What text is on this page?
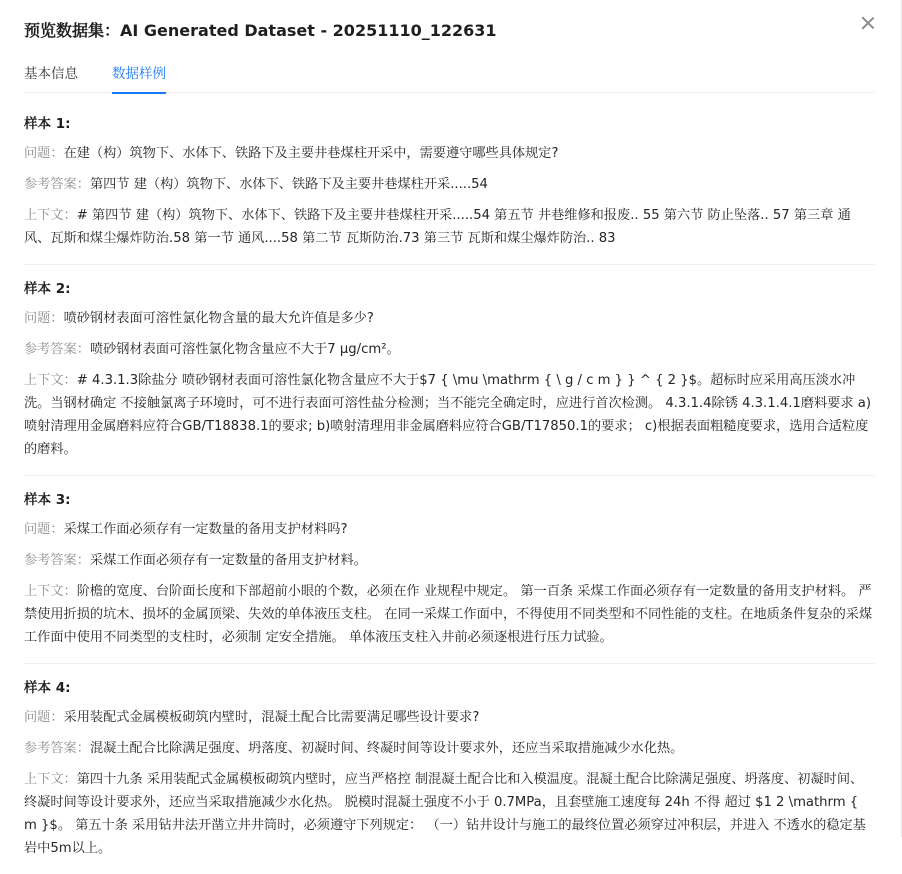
预览数据集：AI Generated Dataset - 20251110_122631
基本信息	数据样例
样本 1:
问题：在建（构）筑物下、水体下、铁路下及主要井巷煤柱开采中，需要遵守哪些具体规定?
参考答案：第四节 建（构）筑物下、水体下、铁路下及主要井巷煤柱开采.....54
上下文：# 第四节 建（构）筑物下、水体下、铁路下及主要井巷煤柱开采.....54 第五节 井巷维修和报废.. 55 第六节 防止坠落.. 57 第三章 通风、瓦斯和煤尘爆炸防治.58 第一节 通风....58 第二节 瓦斯防治.73 第三节 瓦斯和煤尘爆炸防治.. 83
样本 2:
问题：喷砂钢材表面可溶性氯化物含量的最大允许值是多少?
参考答案：喷砂钢材表面可溶性氯化物含量应不大于7 μg/cm²。
上下文：# 4.3.1.3除盐分 喷砂钢材表面可溶性氯化物含量应不大于$7 { \mu \mathrm { \ g / c m } } ^ { 2 }$。超标时应采用高压淡水冲洗。当钢材确定 不接触氯离子环境时，可不进行表面可溶性盐分检测；当不能完全确定时，应进行首次检测。 4.3.1.4除锈 4.3.1.4.1磨料要求 a)喷射清理用金属磨料应符合GB/T18838.1的要求; b)喷射清理用非金属磨料应符合GB/T17850.1的要求； c)根据表面粗糙度要求，选用合适粒度的磨料。
样本 3:
问题：采煤工作面必须存有一定数量的备用支护材料吗?
参考答案：采煤工作面必须存有一定数量的备用支护材料。
上下文：阶檐的宽度、台阶面长度和下部超前小眼的个数，必须在作 业规程中规定。 第一百条 采煤工作面必须存有一定数量的备用支护材料。 严禁使用折损的坑木、损坏的金属顶梁、失效的单体液压支柱。 在同一采煤工作面中，不得使用不同类型和不同性能的支柱。在地质条件复杂的采煤工作面中使用不同类型的支柱时，必须制 定安全措施。 单体液压支柱入井前必须逐根进行压力试验。
样本 4:
问题：采用装配式金属模板砌筑内壁时，混凝土配合比需要满足哪些设计要求?
参考答案：混凝土配合比除满足强度、坍落度、初凝时间、终凝时间等设计要求外，还应当采取措施减少水化热。
上下文：第四十九条 采用装配式金属模板砌筑内壁时，应当严格控 制混凝土配合比和入模温度。混凝土配合比除满足强度、坍落度、初凝时间、终凝时间等设计要求外，还应当采取措施减少水化热。 脱模时混凝土强度不小于 0.7MPa，且套壁施工速度每 24h 不得 超过 $1 2 \mathrm { m }$。 第五十条 采用钻井法开凿立井井筒时，必须遵守下列规定： （一）钻井设计与施工的最终位置必须穿过冲积层，并进入 不透水的稳定基岩中5m以上。
